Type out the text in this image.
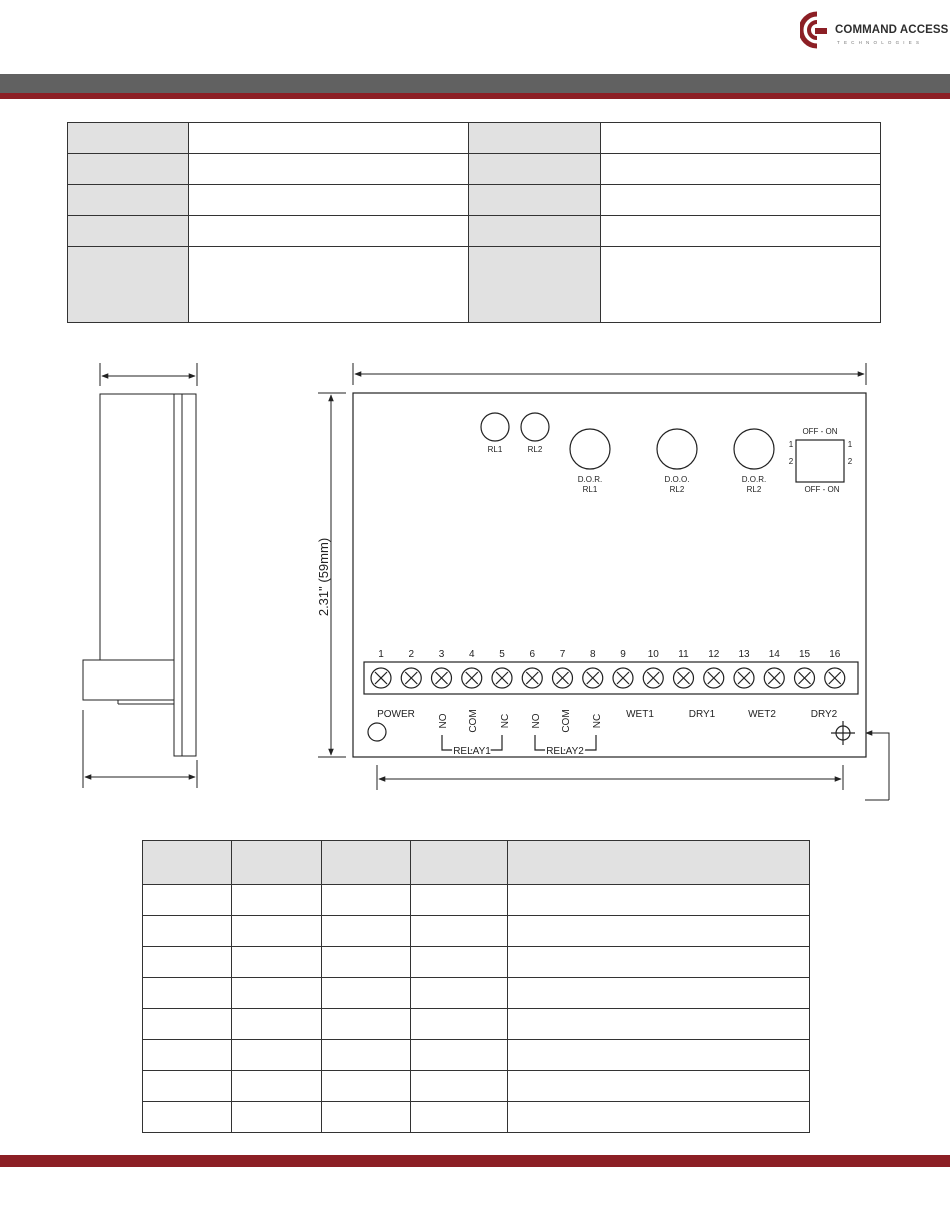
COMMAND ACCESS
TECHNOLOGIES

2.31" (59mm)
RL1	RL2
D.O.R.
RL1
D.O.O.
RL2
D.O.R.
RL2
OFF - ON
1
2
1
2
OFF - ON
1 2 3 4 5 6 7 8 9 10 11 12 13 14 15 16
POWER NO COM NC NO COM NC
RELAY1	RELAY2
WET1	DRY1	WET2	DRY2
